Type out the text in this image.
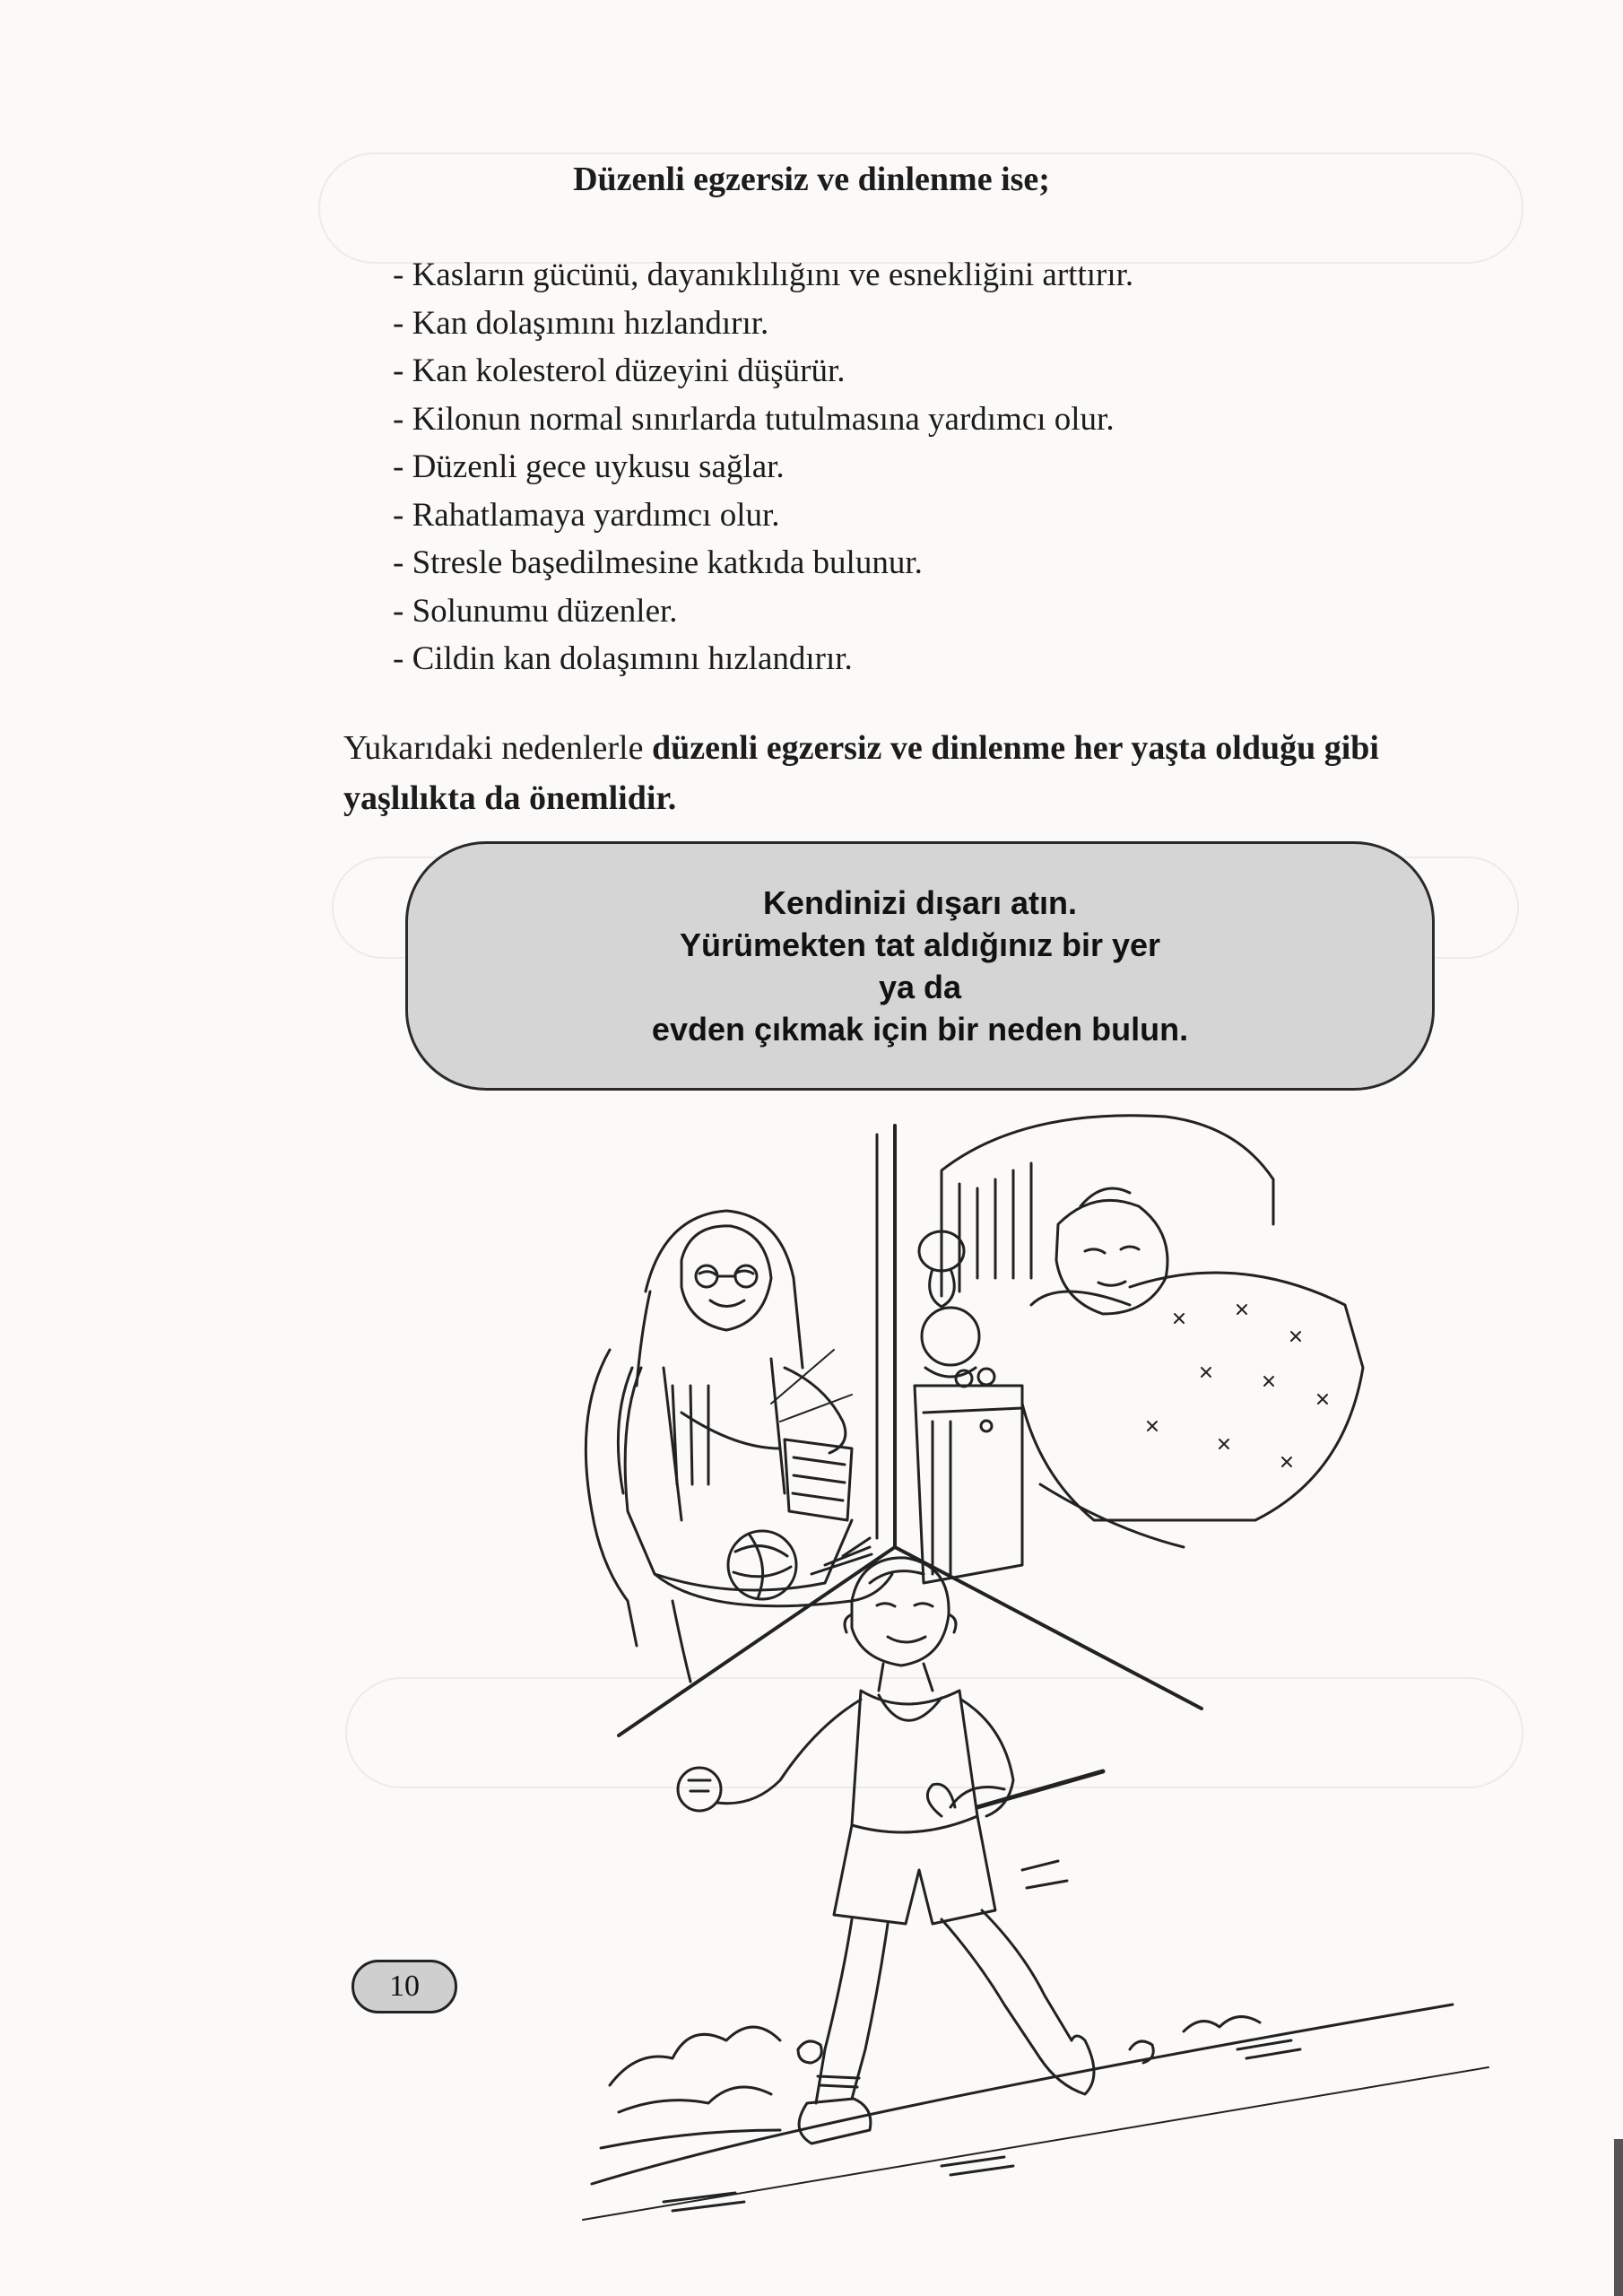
Düzenli egzersiz ve dinlenme ise;
- Kasların gücünü, dayanıklılığını ve esnekliğini arttırır.
- Kan dolaşımını hızlandırır.
- Kan kolesterol düzeyini düşürür.
- Kilonun normal sınırlarda tutulmasına yardımcı olur.
- Düzenli gece uykusu sağlar.
- Rahatlamaya yardımcı olur.
- Stresle başedilmesine katkıda bulunur.
- Solunumu düzenler.
- Cildin kan dolaşımını hızlandırır.
Yukarıdaki nedenlerle düzenli egzersiz ve dinlenme her yaşta olduğu gibi yaşlılıkta da önemlidir.
Kendinizi dışarı atın.
Yürümekten tat aldığınız bir yer
ya da
evden çıkmak için bir neden bulun.
10
